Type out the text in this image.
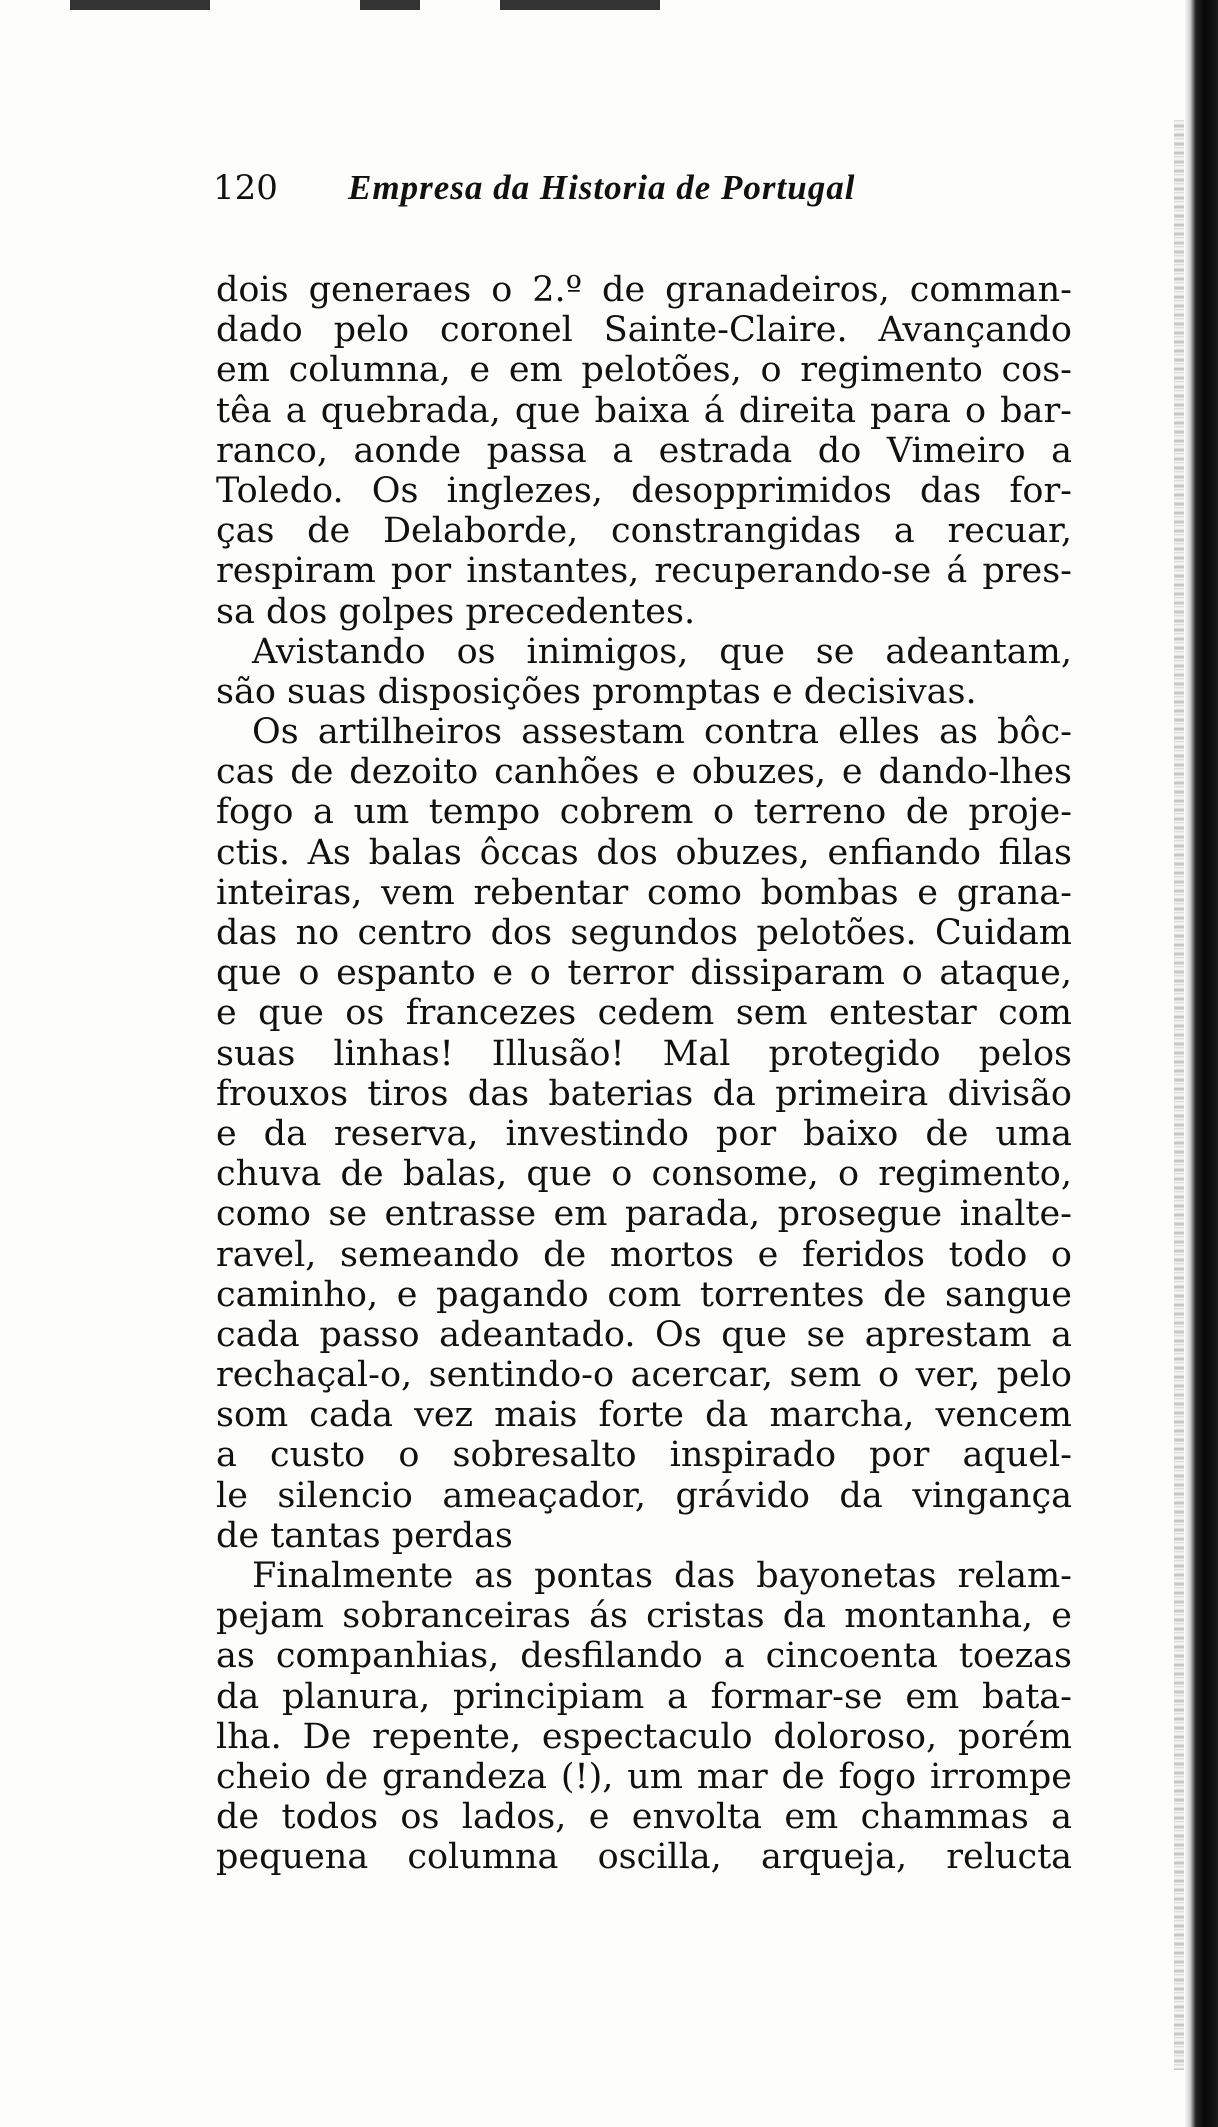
120 Empresa da Historia de Portugal
dois generaes o 2.º de granadeiros, comman-
dado pelo coronel Sainte-Claire. Avançando
em columna, e em pelotões, o regimento cos-
têa a quebrada, que baixa á direita para o bar-
ranco, aonde passa a estrada do Vimeiro a
Toledo. Os inglezes, desopprimidos das for-
ças de Delaborde, constrangidas a recuar,
respiram por instantes, recuperando-se á pres-
sa dos golpes precedentes.
Avistando os inimigos, que se adeantam,
são suas disposições promptas e decisivas.
Os artilheiros assestam contra elles as bôc-
cas de dezoito canhões e obuzes, e dando-lhes
fogo a um tempo cobrem o terreno de proje-
ctis. As balas ôccas dos obuzes, enfiando filas
inteiras, vem rebentar como bombas e grana-
das no centro dos segundos pelotões. Cuidam
que o espanto e o terror dissiparam o ataque,
e que os francezes cedem sem entestar com
suas linhas! Illusão! Mal protegido pelos
frouxos tiros das baterias da primeira divisão
e da reserva, investindo por baixo de uma
chuva de balas, que o consome, o regimento,
como se entrasse em parada, prosegue inalte-
ravel, semeando de mortos e feridos todo o
caminho, e pagando com torrentes de sangue
cada passo adeantado. Os que se aprestam a
rechaçal-o, sentindo-o acercar, sem o ver, pelo
som cada vez mais forte da marcha, vencem
a custo o sobresalto inspirado por aquel-
le silencio ameaçador, grávido da vingança
de tantas perdas
Finalmente as pontas das bayonetas relam-
pejam sobranceiras ás cristas da montanha, e
as companhias, desfilando a cincoenta toezas
da planura, principiam a formar-se em bata-
lha. De repente, espectaculo doloroso, porém
cheio de grandeza (!), um mar de fogo irrompe
de todos os lados, e envolta em chammas a
pequena columna oscilla, arqueja, relucta
